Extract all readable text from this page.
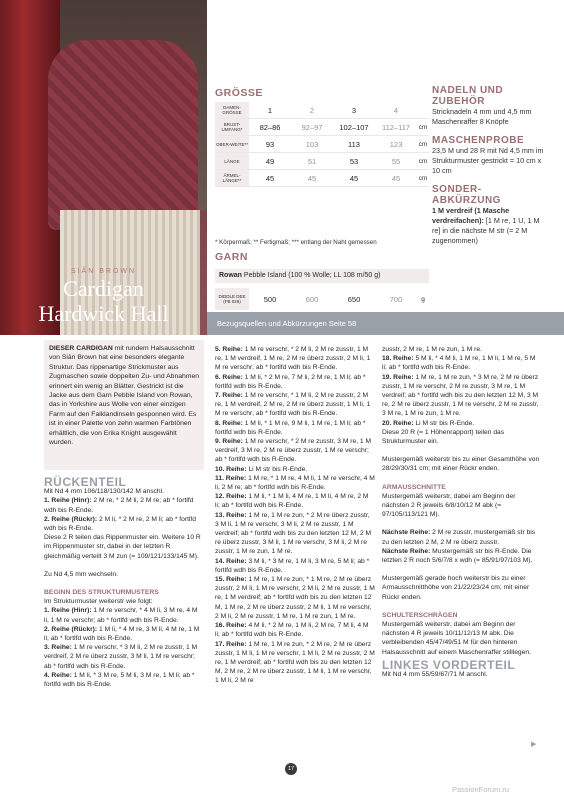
SIÂN BROWN
Cardigan
Hardwick Hall
GRÖSSE
DAMEN-GRÖSSE	1	2	3	4
BRUST-UMFANG*	82–86	92–97	102–107	112–117	cm
OBER-WEITE**	93	103	113	123	cm
LÄNGE	49	51	53	55	cm
ÄRMEL-LÄNGE**	45	45	45	45	cm
* Körpermaß; ** Fertigmaß; *** entlang der Naht gemessen
GARN
Rowan Pebble Island (100 % Wolle; LL 108 m/50 g)
DIDDLE DEE (FB 026)	500	600	650	700	g
NADELN UND
ZUBEHÖR

Stricknadeln 4 mm und 4,5 mm Maschenraffer 8 Knöpfe

MASCHENPROBE

23,5 M und 28 R mit Nd 4,5 mm im Strukturmuster gestrickt = 10 cm x 10 cm

SONDER-
ABKÜRZUNG

1 M verdreif (1 Masche verdreifachen): [1 M re, 1 U, 1 M re] in die nächste M str (= 2 M zugenommen)

Bezugsquellen und Abkürzungen Seite 58
DIESER CARDIGAN mit rundem Halsausschnitt von Siân Brown hat eine besonders elegante Struktur. Das rippenartige Strickmuster aus Zugmaschen sowie doppelten Zu- und Abnahmen erinnert ein wenig an Blätter. Gestrickt ist die Jacke aus dem Garn Pebble Island von Rowan, das in Yorkshire aus Wolle von einer einzigen Farm auf den Falklandinseln gesponnen wird. Es ist in einer Palette von zehn warmen Farbtönen erhältlich, die von Erika Knight ausgewählt wurden.
RÜCKENTEIL

Mit Nd 4 mm 106/118/130/142 M anschl.

1. Reihe (Hinr): 2 M re, * 2 M li, 2 M re; ab * fortlfd wdh bis R-Ende.

2. Reihe (Rückr): 2 M li, * 2 M re, 2 M li; ab * fortlfd wdh bis R-Ende.

Diese 2 R teilen das Rippenmuster ein. Weitere 10 R im Rippenmuster str, dabei in der letzten R gleichmäßig verteilt 3 M zun (= 109/121/133/145 M).

Zu Nd 4,5 mm wechseln.

BEGINN DES STRUKTURMUSTERS

Im Strukturmuster weiterstr wie folgt:

1. Reihe (Hinr): 1 M re verschr, * 4 M li, 3 M re, 4 M li, 1 M re verschr; ab * fortlfd wdh bis R-Ende.

2. Reihe (Rückr): 1 M li, * 4 M re, 3 M li, 4 M re, 1 M li; ab * fortlfd wdh bis R-Ende.

3. Reihe: 1 M re verschr, * 3 M li, 2 M re zusstr, 1 M verdreif, 2 M re überz zusstr, 3 M li, 1 M re verschr; ab * fortlfd wdh bis R-Ende.

4. Reihe: 1 M li, * 3 M re, 5 M li, 3 M re, 1 M li; ab * fortlfd wdh bis R-Ende.

5. Reihe: 1 M re verschr, * 2 M li, 2 M re zusstr, 1 M re, 1 M verdreif, 1 M re, 2 M re überz zusstr, 2 M li, 1 M re verschr; ab * fortlfd wdh bis R-Ende.

6. Reihe: 1 M li, * 2 M re, 7 M li, 2 M re, 1 M li; ab * fortlfd wdh bis R-Ende.

7. Reihe: 1 M re verschr, * 1 M li, 2 M re zusstr, 2 M re, 1 M verdreif, 2 M re, 2 M re überz zusstr, 1 M li, 1 M re verschr; ab * fortlfd wdh bis R-Ende.

8. Reihe: 1 M li, * 1 M re, 9 M li, 1 M re, 1 M li; ab * fortlfd wdh bis R-Ende.

9. Reihe: 1 M re verschr, * 2 M re zusstr, 3 M re, 1 M verdreif, 3 M re, 2 M re überz zusstr, 1 M re verschr; ab * fortlfd wdh bis R-Ende.

10. Reihe: Li M str bis R-Ende.

11. Reihe: 1 M re, * 1 M re, 4 M li, 1 M re verschr, 4 M li, 2 M re; ab * fortlfd wdh bis R-Ende.

12. Reihe: 1 M li, * 1 M li, 4 M re, 1 M li, 4 M re, 2 M li; ab * fortlfd wdh bis R-Ende.

13. Reihe: 1 M re, 1 M re zun, * 2 M re überz zusstr, 3 M li, 1 M re verschr, 3 M li, 2 M re zusstr, 1 M verdreif; ab * fortlfd wdh bis zu den letzten 12 M, 2 M re überz zusstr, 3 M li, 1 M re verschr, 3 M li, 2 M re zusstr, 1 M re zun, 1 M re.

14. Reihe: 3 M li, * 3 M re, 1 M li, 3 M re, 5 M li; ab * fortlfd wdh bis R-Ende.

15. Reihe: 1 M re, 1 M re zun, * 1 M re, 2 M re überz zusstr, 2 M li, 1 M re verschr, 2 M li, 2 M re zusstr, 1 M re, 1 M verdreif; ab * fortlfd wdh bis zu den letzten 12 M, 1 M re, 2 M re überz zusstr, 2 M li, 1 M re verschr, 2 M li, 2 M re zusstr, 1 M re, 1 M re zun, 1 M re.

16. Reihe: 4 M li, * 2 M re, 1 M li, 2 M re, 7 M li, 4 M li; ab * fortlfd wdh bis R-Ende.

17. Reihe: 1 M re, 1 M re zun, * 2 M re, 2 M re überz zusstr, 1 M li, 1 M re verschr, 1 M li, 2 M re zusstr, 2 M re, 1 M verdreif; ab * fortlfd wdh bis zu den letzten 12 M, 2 M re, 2 M re überz zusstr, 1 M li, 1 M re verschr, 1 M li, 2 M re

zusstr, 2 M re, 1 M re zun, 1 M re.

18. Reihe: 5 M li, * 4 M li, 1 M re, 1 M li, 1 M re, 5 M li; ab * fortlfd wdh bis R-Ende.

19. Reihe: 1 M re, 1 M re zun, * 3 M re, 2 M re überz zusstr, 1 M re verschr, 2 M re zusstr, 3 M re, 1 M verdreif; ab * fortlfd wdh bis zu den letzten 12 M, 3 M re, 2 M re überz zusstr, 1 M re verschr, 2 M re zusstr, 3 M re, 1 M re zun, 1 M re.

20. Reihe: Li M str bis R-Ende.

Diese 20 R (= 1 Höhenrapport) teilen das Strukturmuster ein.

Mustergemäß weiterstr bis zu einer Gesamthöhe von 28/29/30/31 cm; mit einer Rückr enden.

ARMAUSSCHNITTE

Mustergemäß weiterstr, dabei am Beginn der nächsten 2 R jeweils 6/8/10/12 M abk (= 97/105/113/121 M).

Nächste Reihe: 2 M re zusstr, mustergemäß str bis zu den letzten 2 M, 2 M re überz zusstr.

Nächste Reihe: Mustergemäß str bis R-Ende. Die letzten 2 R noch 5/6/7/8 x wdh (= 85/91/97/103 M).

Mustergemäß gerade hoch weiterstr bis zu einer Armausschnitthöhe von 21/22/23/24 cm; mit einer Rückr enden.

SCHULTERSCHRÄGEN

Mustergemäß weiterstr, dabei am Beginn der nächsten 4 R jeweils 10/11/12/13 M abk. Die verbleibenden 45/47/49/51 M für den hinteren Halsausschnitt auf einem Maschenraffer stilllegen.

LINKES VORDERTEIL

Mit Nd 4 mm 55/59/67/71 M anschl.

▶
17
PassionForum.ru
